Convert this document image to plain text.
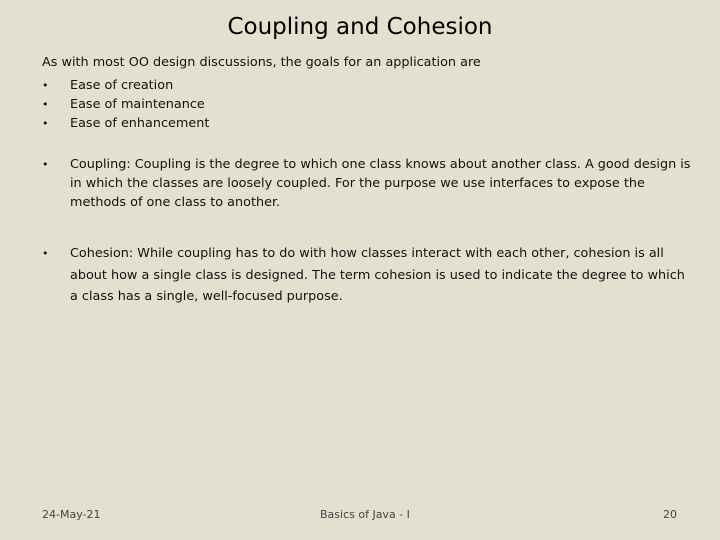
Coupling and Cohesion

As with most OO design discussions, the goals for an application are

•	Ease of creation
•	Ease of maintenance
•	Ease of enhancement
• Coupling: Coupling is the degree to which one class knows about another class. A good design is in which the classes are loosely coupled. For the purpose we use interfaces to expose the methods of one class to another.
• Cohesion: While coupling has to do with how classes interact with each other, cohesion is all about how a single class is designed. The term cohesion is used to indicate the degree to which a class has a single, well-focused purpose.
24-May-21	Basics of Java - I	20
